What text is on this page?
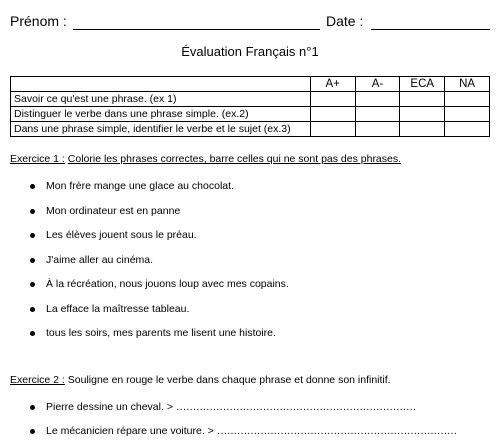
Prénom :	Date :
Évaluation Français n°1
	A+	A-	ECA	NA
Savoir ce qu'est une phrase. (ex 1)				
Distinguer le verbe dans une phrase simple. (ex.2)				
Dans une phrase simple, identifier le verbe et le sujet (ex.3)				
Exercice 1 : Colorie les phrases correctes, barre celles qui ne sont pas des phrases.
Mon frère mange une glace au chocolat.
Mon ordinateur est en panne
Les élèves jouent sous le préau.
J'aime aller au cinéma.
À la récréation, nous jouons loup avec mes copains.
La efface la maîtresse tableau.
tous les soirs, mes parents me lisent une histoire.
Exercice 2 : Souligne en rouge le verbe dans chaque phrase et donne son infinitif.
Pierre dessine un cheval. > ………………………………………………………………
Le mécanicien répare une voiture. > ………………………………………………………………
